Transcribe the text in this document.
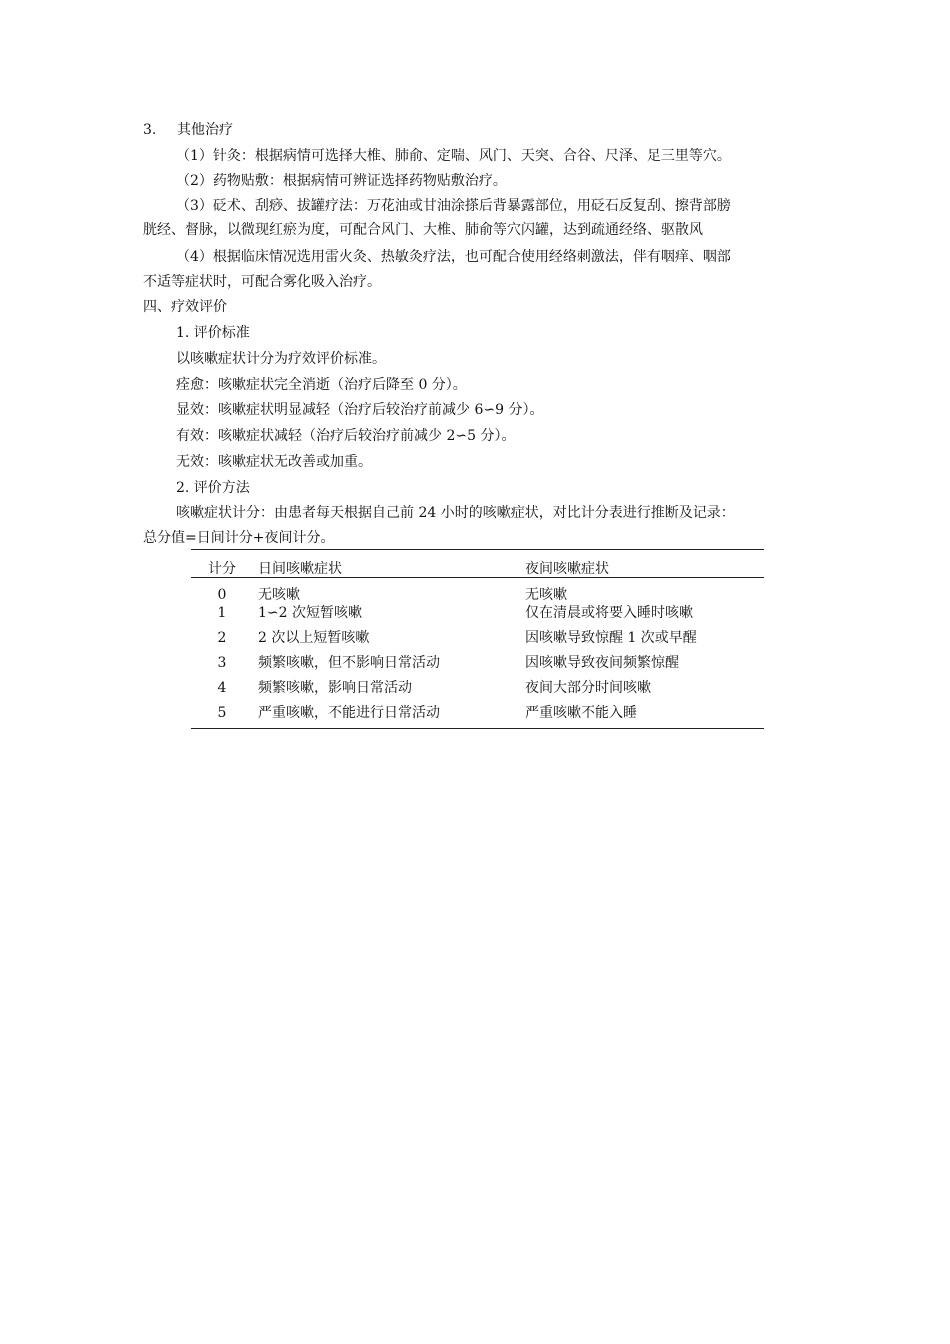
3. 其他治疗
（1）针灸：根据病情可选择大椎、肺俞、定喘、风门、天突、合谷、尺泽、足三里等穴。
（2）药物贴敷：根据病情可辨证选择药物贴敷治疗。
（3）砭术、刮痧、拔罐疗法：万花油或甘油涂搽后背暴露部位，用砭石反复刮、擦背部膀
胱经、督脉，以微现红瘀为度，可配合风门、大椎、肺俞等穴闪罐，达到疏通经络、驱散风
（4）根据临床情况选用雷火灸、热敏灸疗法，也可配合使用经络刺激法，伴有咽痒、咽部
不适等症状时，可配合雾化吸入治疗。
四、疗效评价
1. 评价标准
以咳嗽症状计分为疗效评价标准。
痊愈：咳嗽症状完全消逝（治疗后降至 0 分）。
显效：咳嗽症状明显减轻（治疗后较治疗前减少 6∽9 分）。
有效：咳嗽症状减轻（治疗后较治疗前减少 2∽5 分）。
无效：咳嗽症状无改善或加重。
2. 评价方法
咳嗽症状计分：由患者每天根据自己前 24 小时的咳嗽症状，对比计分表进行推断及记录：
总分值=日间计分+夜间计分。
计分 日间咳嗽症状	夜间咳嗽症状
0	无咳嗽	无咳嗽
1	1∽2 次短暂咳嗽	仅在清晨或将要入睡时咳嗽
2	2 次以上短暂咳嗽	因咳嗽导致惊醒 1 次或早醒
3	频繁咳嗽，但不影响日常活动	因咳嗽导致夜间频繁惊醒
4	频繁咳嗽，影响日常活动	夜间大部分时间咳嗽
5	严重咳嗽，不能进行日常活动	严重咳嗽不能入睡
